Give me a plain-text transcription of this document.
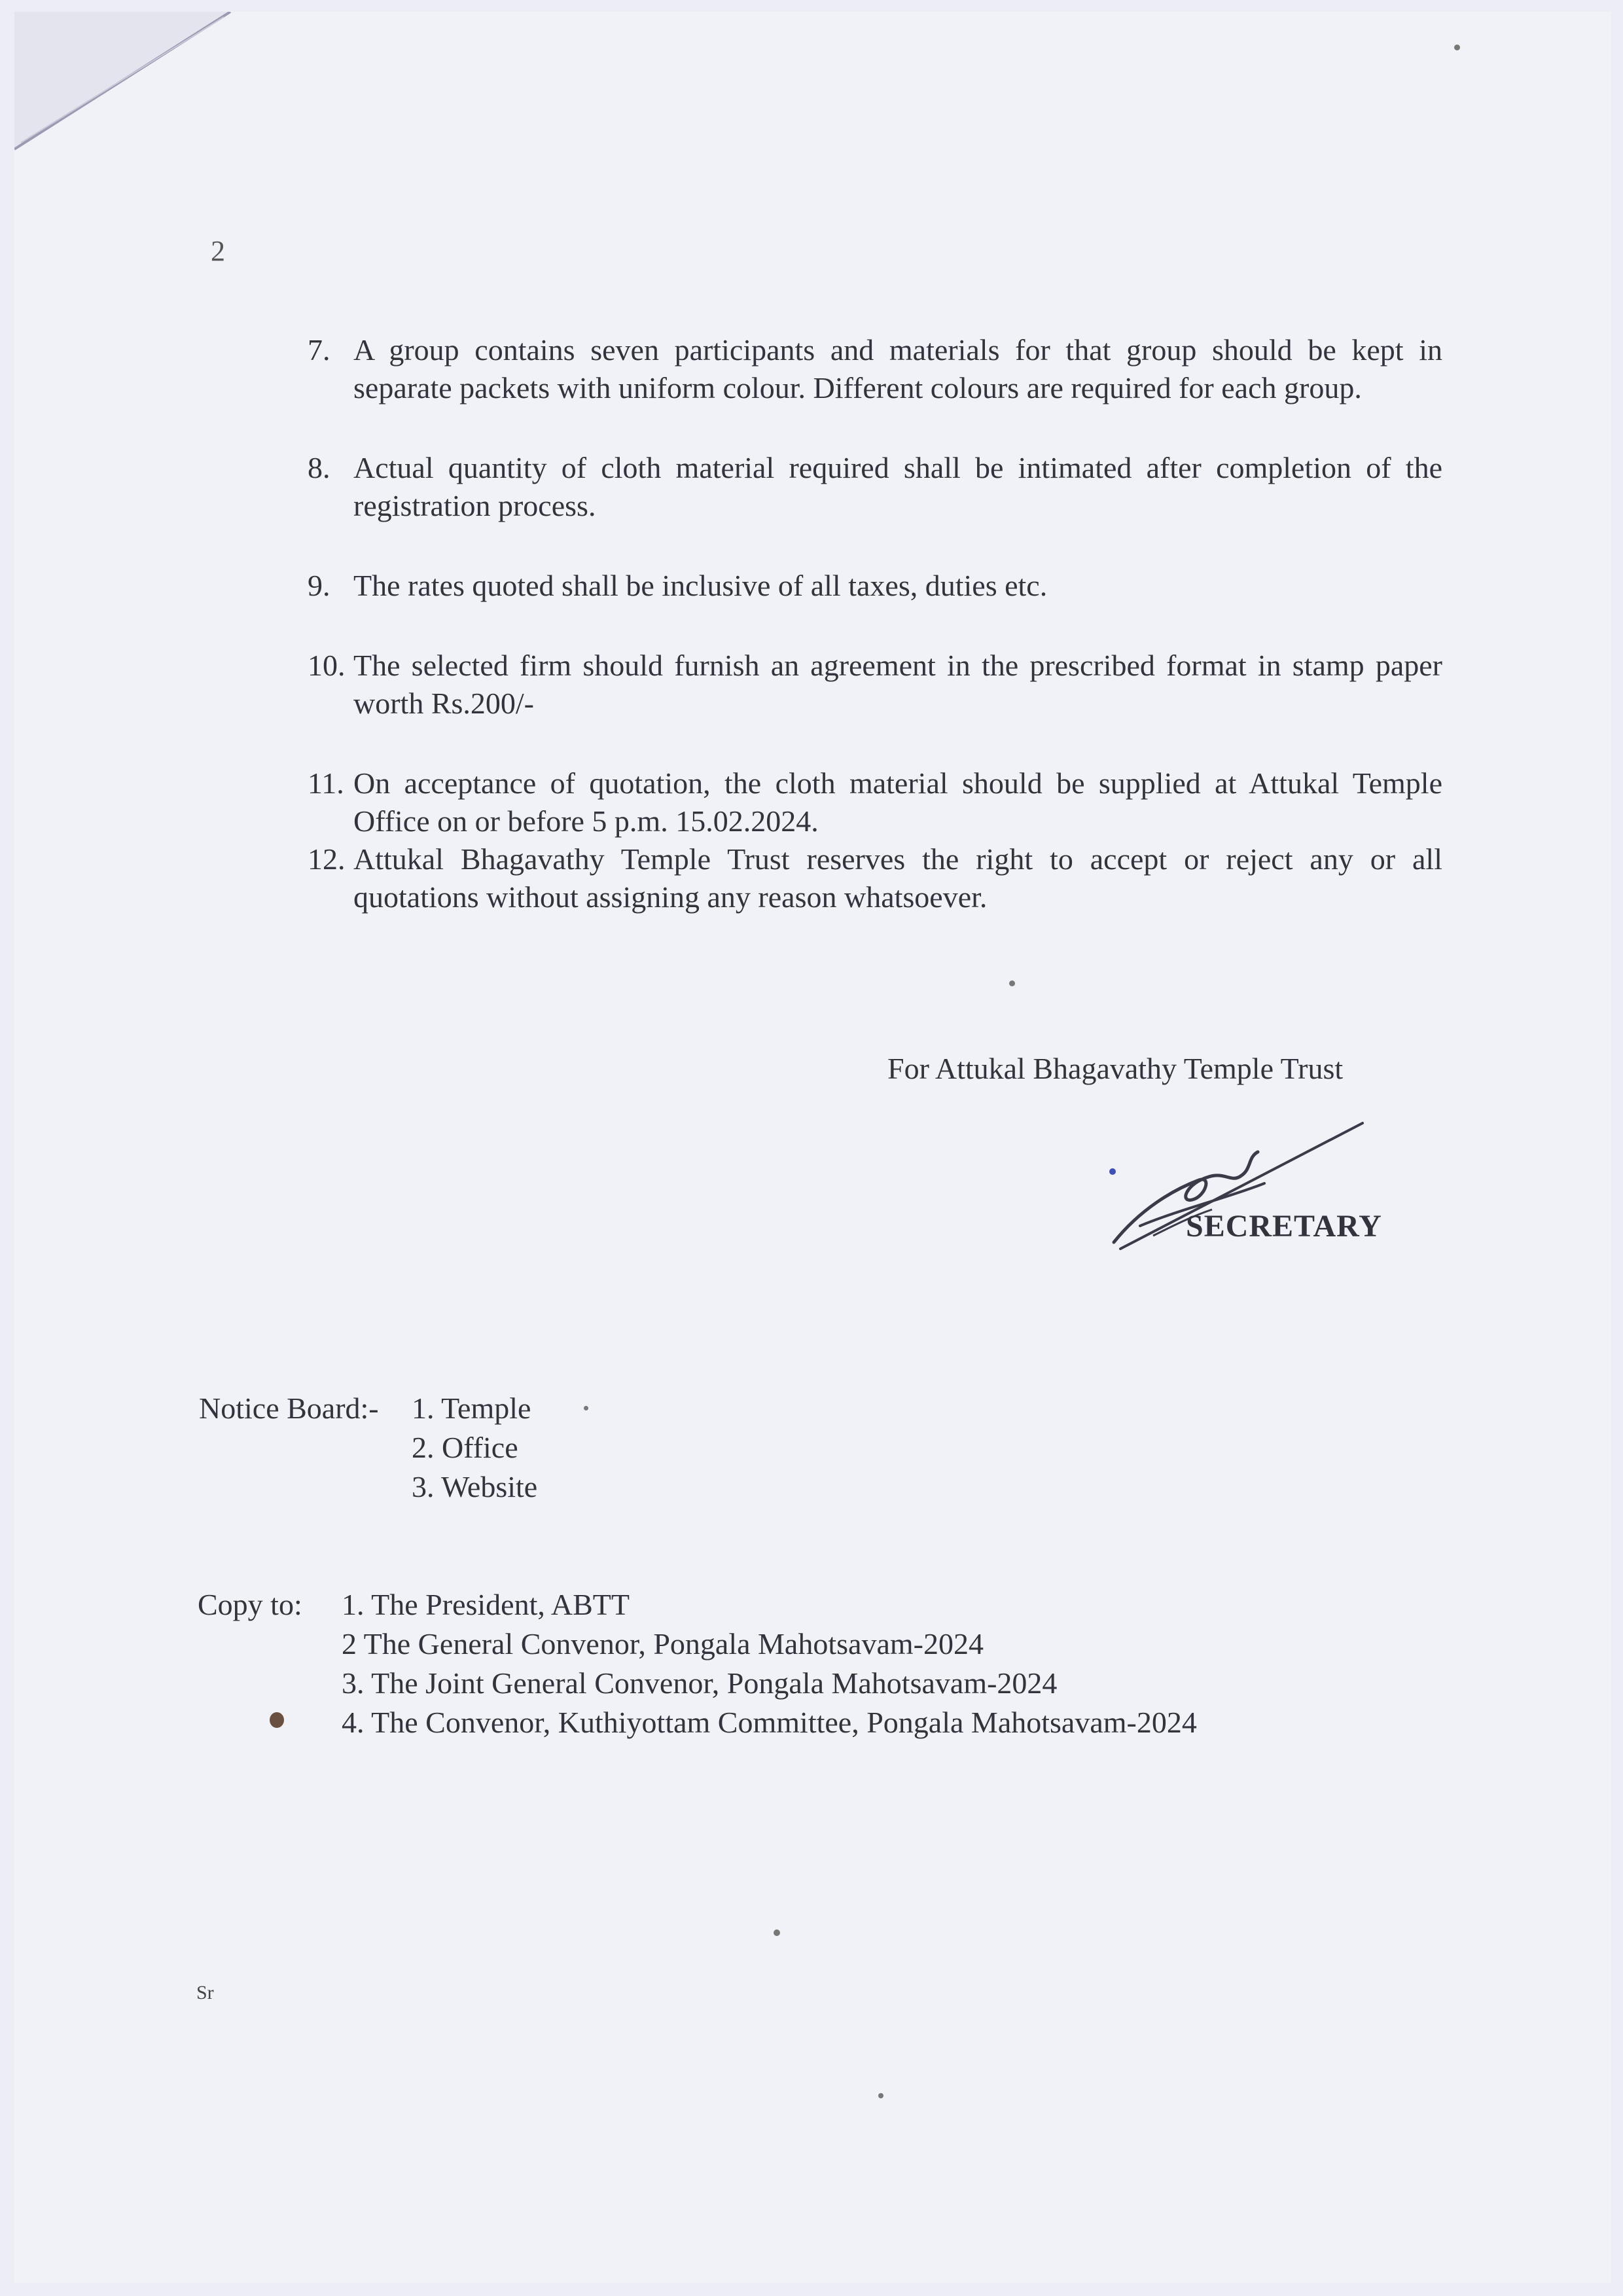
2
7. A group contains seven participants and materials for that group should be kept in separate packets with uniform colour. Different colours are required for each group.
8. Actual quantity of cloth material required shall be intimated after completion of the registration process.
9. The rates quoted shall be inclusive of all taxes, duties etc.
10. The selected firm should furnish an agreement in the prescribed format in stamp paper worth Rs.200/-
11. On acceptance of quotation, the cloth material should be supplied at Attukal Temple Office on or before 5 p.m. 15.02.2024.
12. Attukal Bhagavathy Temple Trust reserves the right to accept or reject any or all quotations without assigning any reason whatsoever.
For Attukal Bhagavathy Temple Trust
SECRETARY
Notice Board:- 1. Temple
2. Office
3. Website
Copy to: 1. The President, ABTT
2 The General Convenor, Pongala Mahotsavam-2024
3. The Joint General Convenor, Pongala Mahotsavam-2024
4. The Convenor, Kuthiyottam Committee, Pongala Mahotsavam-2024
Sr
